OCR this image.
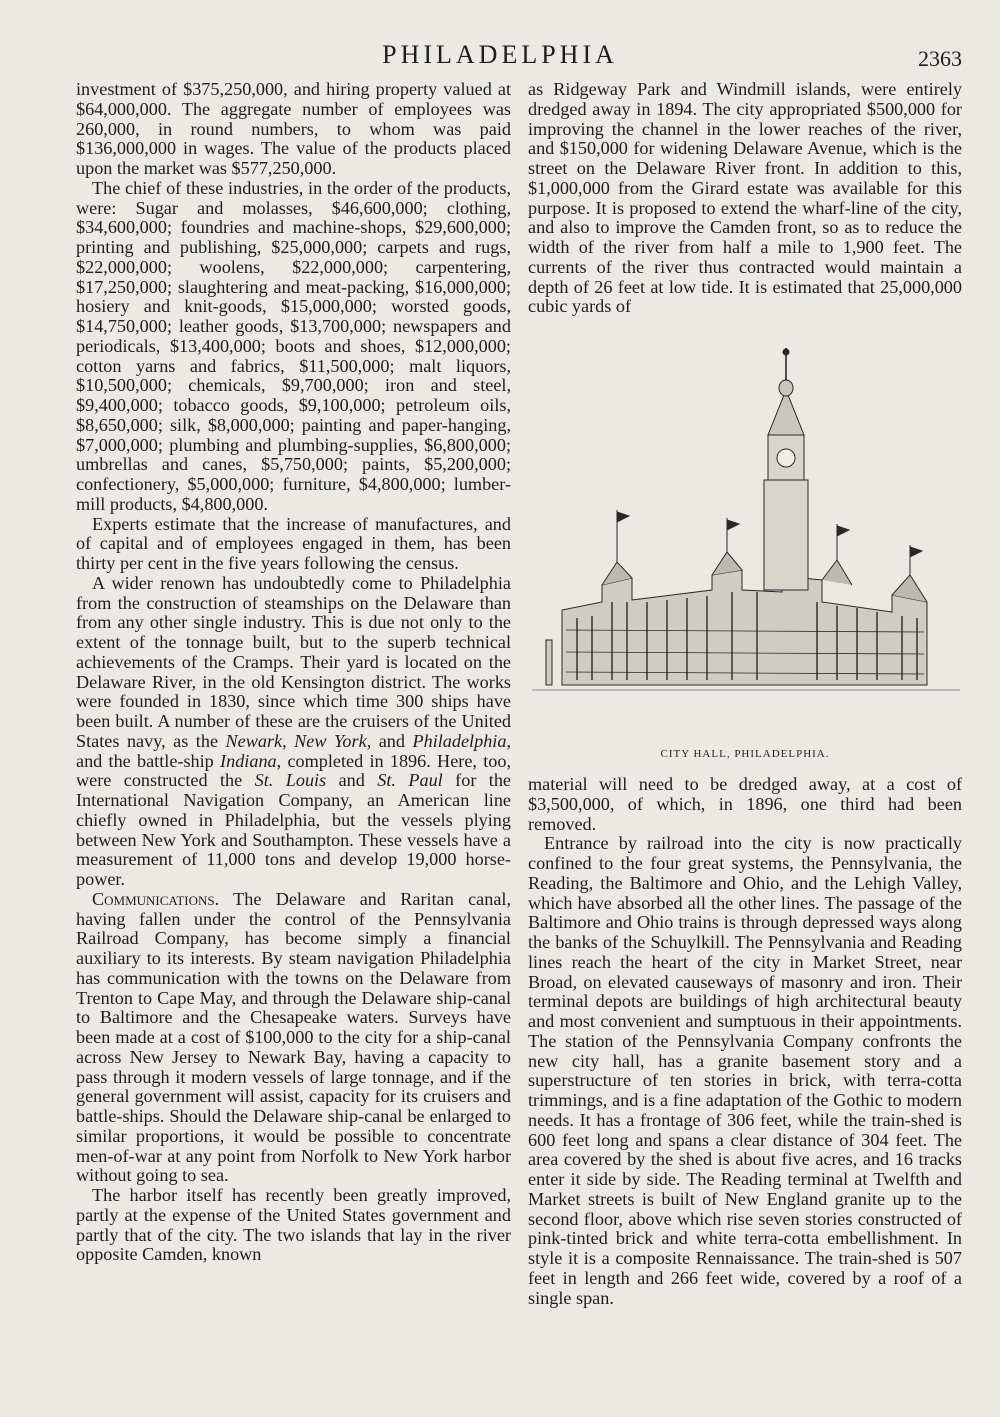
PHILADELPHIA	2363

investment of $375,250,000, and hiring property valued at $64,000,000. The aggregate number of employees was 260,000, in round numbers, to whom was paid $136,000,000 in wages. The value of the products placed upon the market was $577,250,000.

The chief of these industries, in the order of the products, were: Sugar and molasses, $46,600,000; clothing, $34,600,000; foundries and machine-shops, $29,600,000; printing and publishing, $25,000,000; carpets and rugs, $22,000,000; woolens, $22,000,000; carpentering, $17,250,000; slaughtering and meat-packing, $16,000,000; hosiery and knit-goods, $15,000,000; worsted goods, $14,750,000; leather goods, $13,700,000; newspapers and periodicals, $13,400,000; boots and shoes, $12,000,000; cotton yarns and fabrics, $11,500,000; malt liquors, $10,500,000; chemicals, $9,700,000; iron and steel, $9,400,000; tobacco goods, $9,100,000; petroleum oils, $8,650,000; silk, $8,000,000; painting and paper-hanging, $7,000,000; plumbing and plumbing-supplies, $6,800,000; umbrellas and canes, $5,750,000; paints, $5,200,000; confectionery, $5,000,000; furniture, $4,800,000; lumber-mill products, $4,800,000.

Experts estimate that the increase of manufactures, and of capital and of employees engaged in them, has been thirty per cent in the five years following the census.

A wider renown has undoubtedly come to Philadelphia from the construction of steamships on the Delaware than from any other single industry. This is due not only to the extent of the tonnage built, but to the superb technical achievements of the Cramps. Their yard is located on the Delaware River, in the old Kensington district. The works were founded in 1830, since which time 300 ships have been built. A number of these are the cruisers of the United States navy, as the Newark, New York, and Philadelphia, and the battle-ship Indiana, completed in 1896. Here, too, were constructed the St. Louis and St. Paul for the International Navigation Company, an American line chiefly owned in Philadelphia, but the vessels plying between New York and Southampton. These vessels have a measurement of 11,000 tons and develop 19,000 horse-power.

Communications. The Delaware and Raritan canal, having fallen under the control of the Pennsylvania Railroad Company, has become simply a financial auxiliary to its interests. By steam navigation Philadelphia has communication with the towns on the Delaware from Trenton to Cape May, and through the Delaware ship-canal to Baltimore and the Chesapeake waters. Surveys have been made at a cost of $100,000 to the city for a ship-canal across New Jersey to Newark Bay, having a capacity to pass through it modern vessels of large tonnage, and if the general government will assist, capacity for its cruisers and battle-ships. Should the Delaware ship-canal be enlarged to similar proportions, it would be possible to concentrate men-of-war at any point from Norfolk to New York harbor without going to sea.

The harbor itself has recently been greatly improved, partly at the expense of the United States government and partly that of the city. The two islands that lay in the river opposite Camden, known

as Ridgeway Park and Windmill islands, were entirely dredged away in 1894. The city appropriated $500,000 for improving the channel in the lower reaches of the river, and $150,000 for widening Delaware Avenue, which is the street on the Delaware River front. In addition to this, $1,000,000 from the Girard estate was available for this purpose. It is proposed to extend the wharf-line of the city, and also to improve the Camden front, so as to reduce the width of the river from half a mile to 1,900 feet. The currents of the river thus contracted would maintain a depth of 26 feet at low tide. It is estimated that 25,000,000 cubic yards of

CITY HALL, PHILADELPHIA.

material will need to be dredged away, at a cost of $3,500,000, of which, in 1896, one third had been removed.

Entrance by railroad into the city is now practically confined to the four great systems, the Pennsylvania, the Reading, the Baltimore and Ohio, and the Lehigh Valley, which have absorbed all the other lines. The passage of the Baltimore and Ohio trains is through depressed ways along the banks of the Schuylkill. The Pennsylvania and Reading lines reach the heart of the city in Market Street, near Broad, on elevated causeways of masonry and iron. Their terminal depots are buildings of high architectural beauty and most convenient and sumptuous in their appointments. The station of the Pennsylvania Company confronts the new city hall, has a granite basement story and a superstructure of ten stories in brick, with terra-cotta trimmings, and is a fine adaptation of the Gothic to modern needs. It has a frontage of 306 feet, while the train-shed is 600 feet long and spans a clear distance of 304 feet. The area covered by the shed is about five acres, and 16 tracks enter it side by side. The Reading terminal at Twelfth and Market streets is built of New England granite up to the second floor, above which rise seven stories constructed of pink-tinted brick and white terra-cotta embellishment. In style it is a composite Rennaissance. The train-shed is 507 feet in length and 266 feet wide, covered by a roof of a single span.
